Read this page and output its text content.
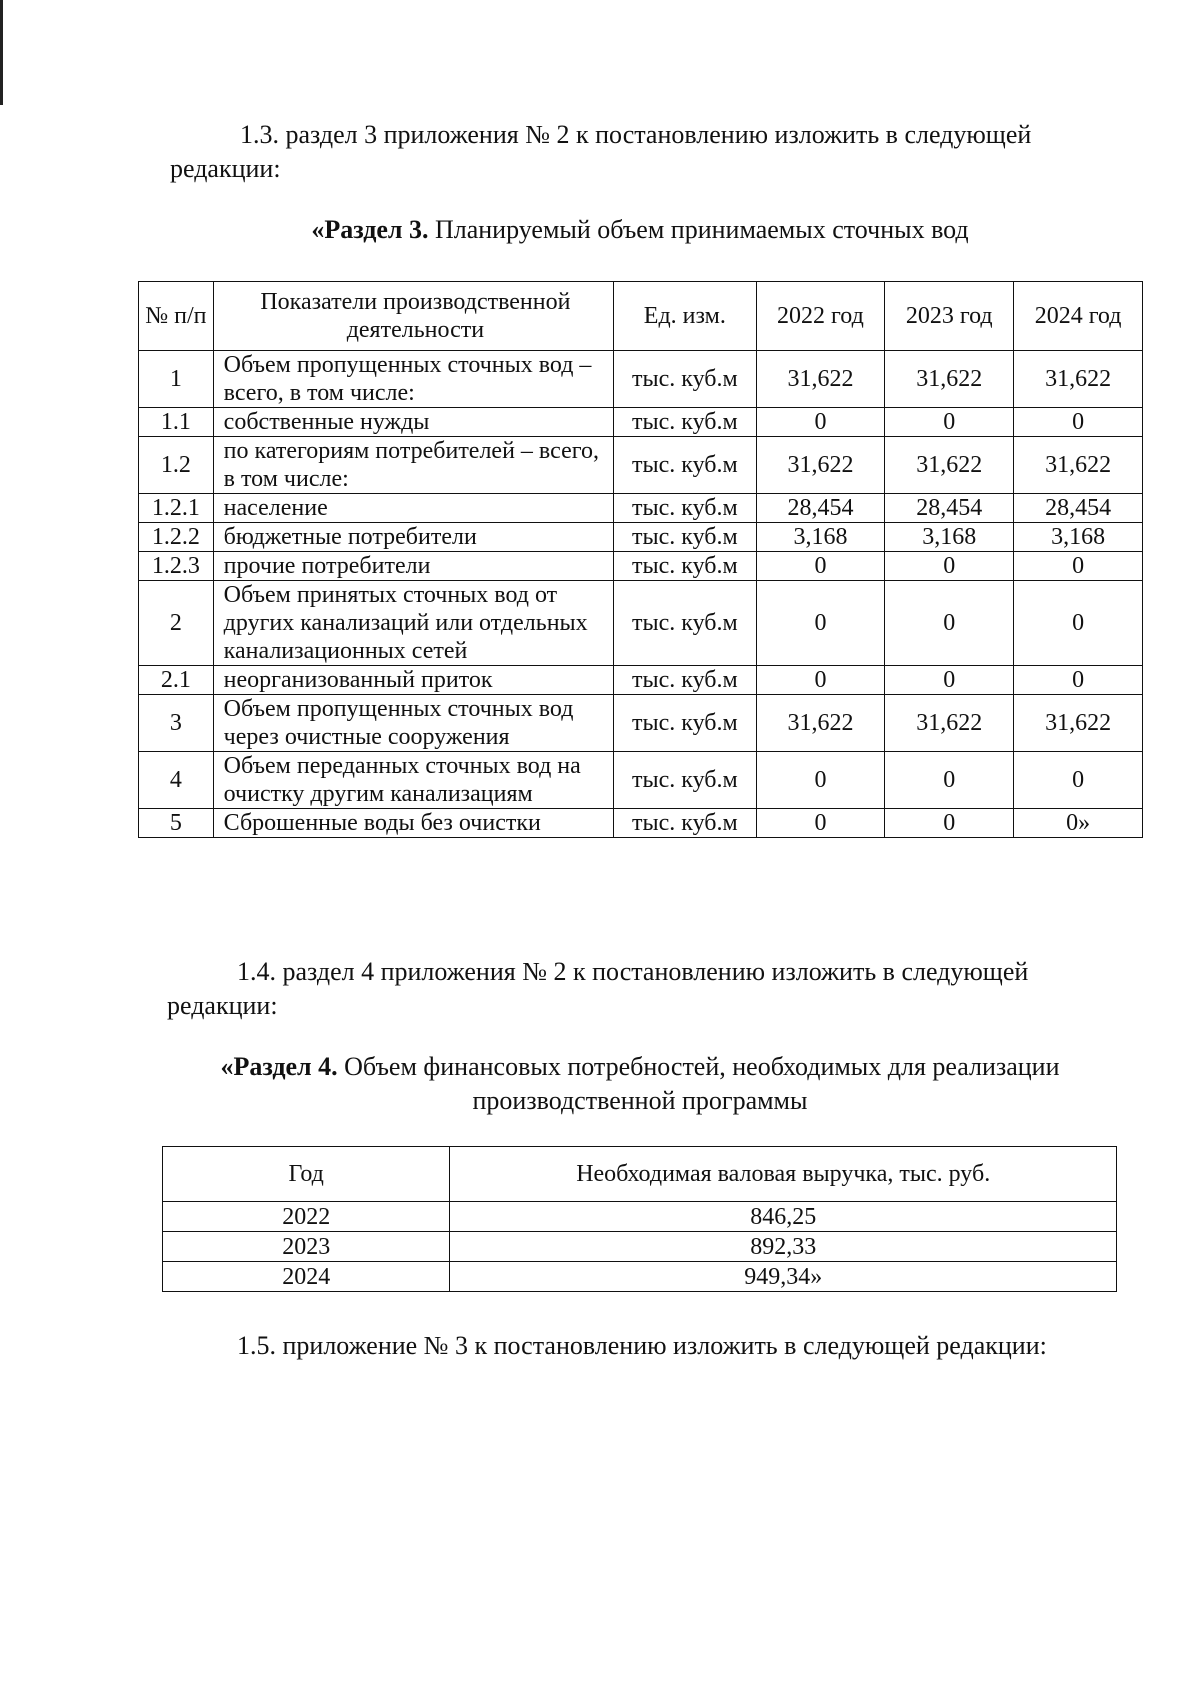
1.3. раздел 3 приложения № 2 к постановлению изложить в следующей
редакции:

«Раздел 3. Планируемый объем принимаемых сточных вод

№ п/п	Показатели производственной деятельности	Ед. изм.	2022 год	2023 год	2024 год
1	Объем пропущенных сточных вод – всего, в том числе:	тыс. куб.м	31,622	31,622	31,622
1.1	собственные нужды	тыс. куб.м	0	0	0
1.2	по категориям потребителей – всего, в том числе:	тыс. куб.м	31,622	31,622	31,622
1.2.1	население	тыс. куб.м	28,454	28,454	28,454
1.2.2	бюджетные потребители	тыс. куб.м	3,168	3,168	3,168
1.2.3	прочие потребители	тыс. куб.м	0	0	0
2	Объем принятых сточных вод от других канализаций или отдельных канализационных сетей	тыс. куб.м	0	0	0
2.1	неорганизованный приток	тыс. куб.м	0	0	0
3	Объем пропущенных сточных вод через очистные сооружения	тыс. куб.м	31,622	31,622	31,622
4	Объем переданных сточных вод на очистку другим канализациям	тыс. куб.м	0	0	0
5	Сброшенные воды без очистки	тыс. куб.м	0	0	0»

1.4. раздел 4 приложения № 2 к постановлению изложить в следующей
редакции:

«Раздел 4. Объем финансовых потребностей, необходимых для реализации
производственной программы

Год	Необходимая валовая выручка, тыс. руб.
2022	846,25
2023	892,33
2024	949,34»

1.5. приложение № 3 к постановлению изложить в следующей редакции:
